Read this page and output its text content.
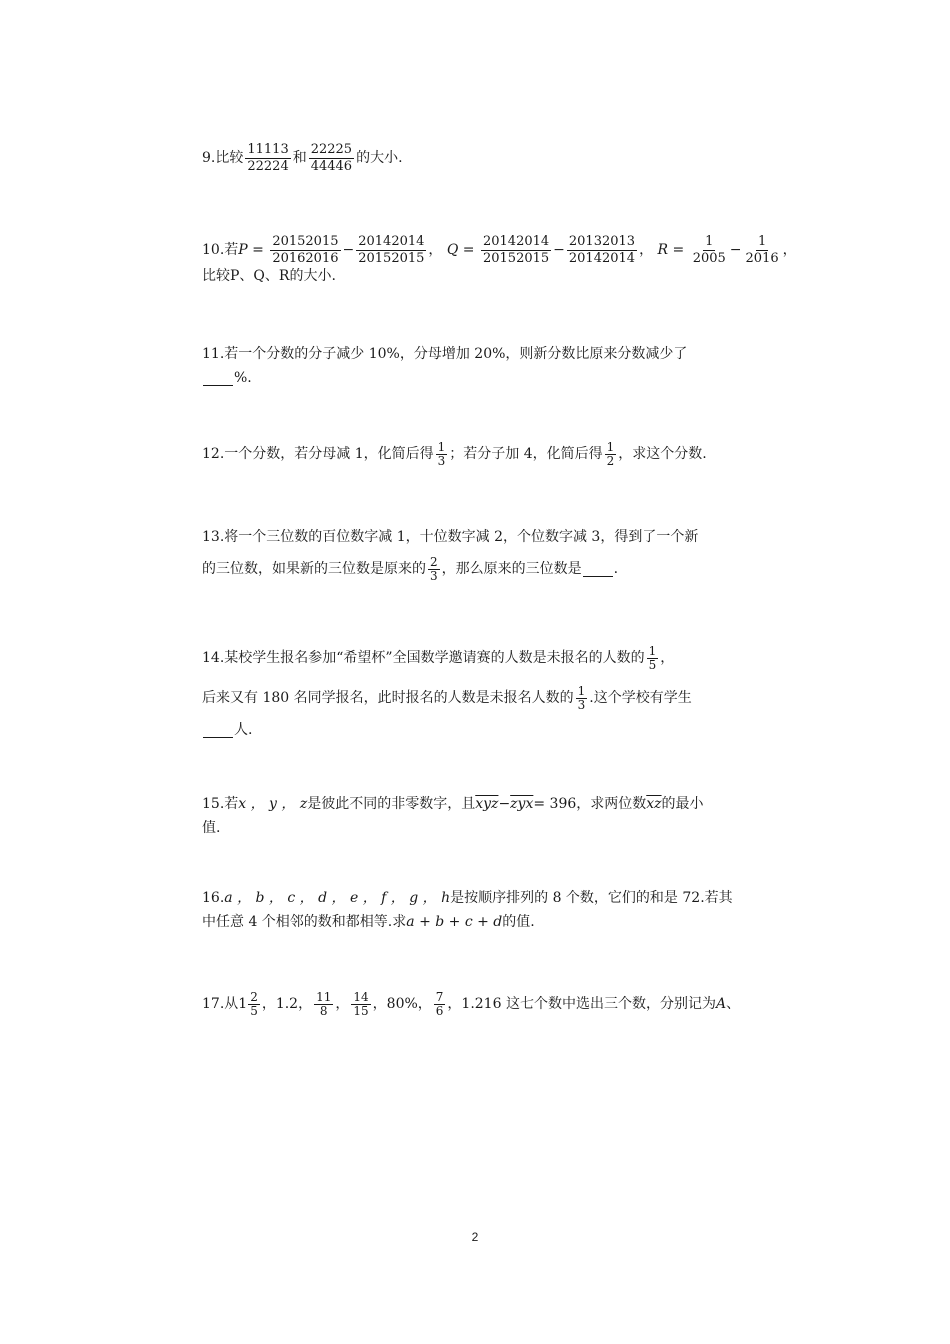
9.比较 $\frac{11113}{22224}$ 和 $\frac{22225}{44446}$ 的大小.
10.若 $P = \frac{20152015}{20162016} - \frac{20142014}{20152015}$ ， $Q = \frac{20142014}{20152015} - \frac{20132013}{20142014}$ ， $R = \frac{1}{2005} - \frac{1}{2016}$ ，
比较P、Q、R的大小.
11.若一个分数的分子减少 10%，分母增加 20%，则新分数比原来分数减少了
%.
12.一个分数，若分母减 1，化简后得 $\frac{1}{3}$ ；若分子加 4，化简后得 $\frac{1}{2}$ ，求这个分数.
13.将一个三位数的百位数字减 1，十位数字减 2，个位数字减 3，得到了一个新
的三位数，如果新的三位数是原来的 $\frac{2}{3}$ ，那么原来的三位数是 .
14.某校学生报名参加“希望杯”全国数学邀请赛的人数是未报名的人数的 $\frac{1}{5}$ ，
后来又有 180 名同学报名，此时报名的人数是未报名人数的 $\frac{1}{3}$ .这个学校有学生
人.
15.若 x ， y ， z 是彼此不同的非零数字，且 $\overline{xyz} - \overline{zyx} = 396$，求两位数 $\overline{xz}$ 的最小
值.
16. a ， b ， c ， d ， e ， f ， g ， h 是按顺序排列的 8 个数，它们的和是 72.若其
中任意 4 个相邻的数和都相等.求 a + b + c + d 的值.
17.从 $1 \frac{2}{5}$ ，1.2， $\frac{11}{8}$ ， $\frac{14}{15}$ ，80%， $\frac{7}{6}$ ，1.216 这七个数中选出三个数，分别记为 A 、
2
